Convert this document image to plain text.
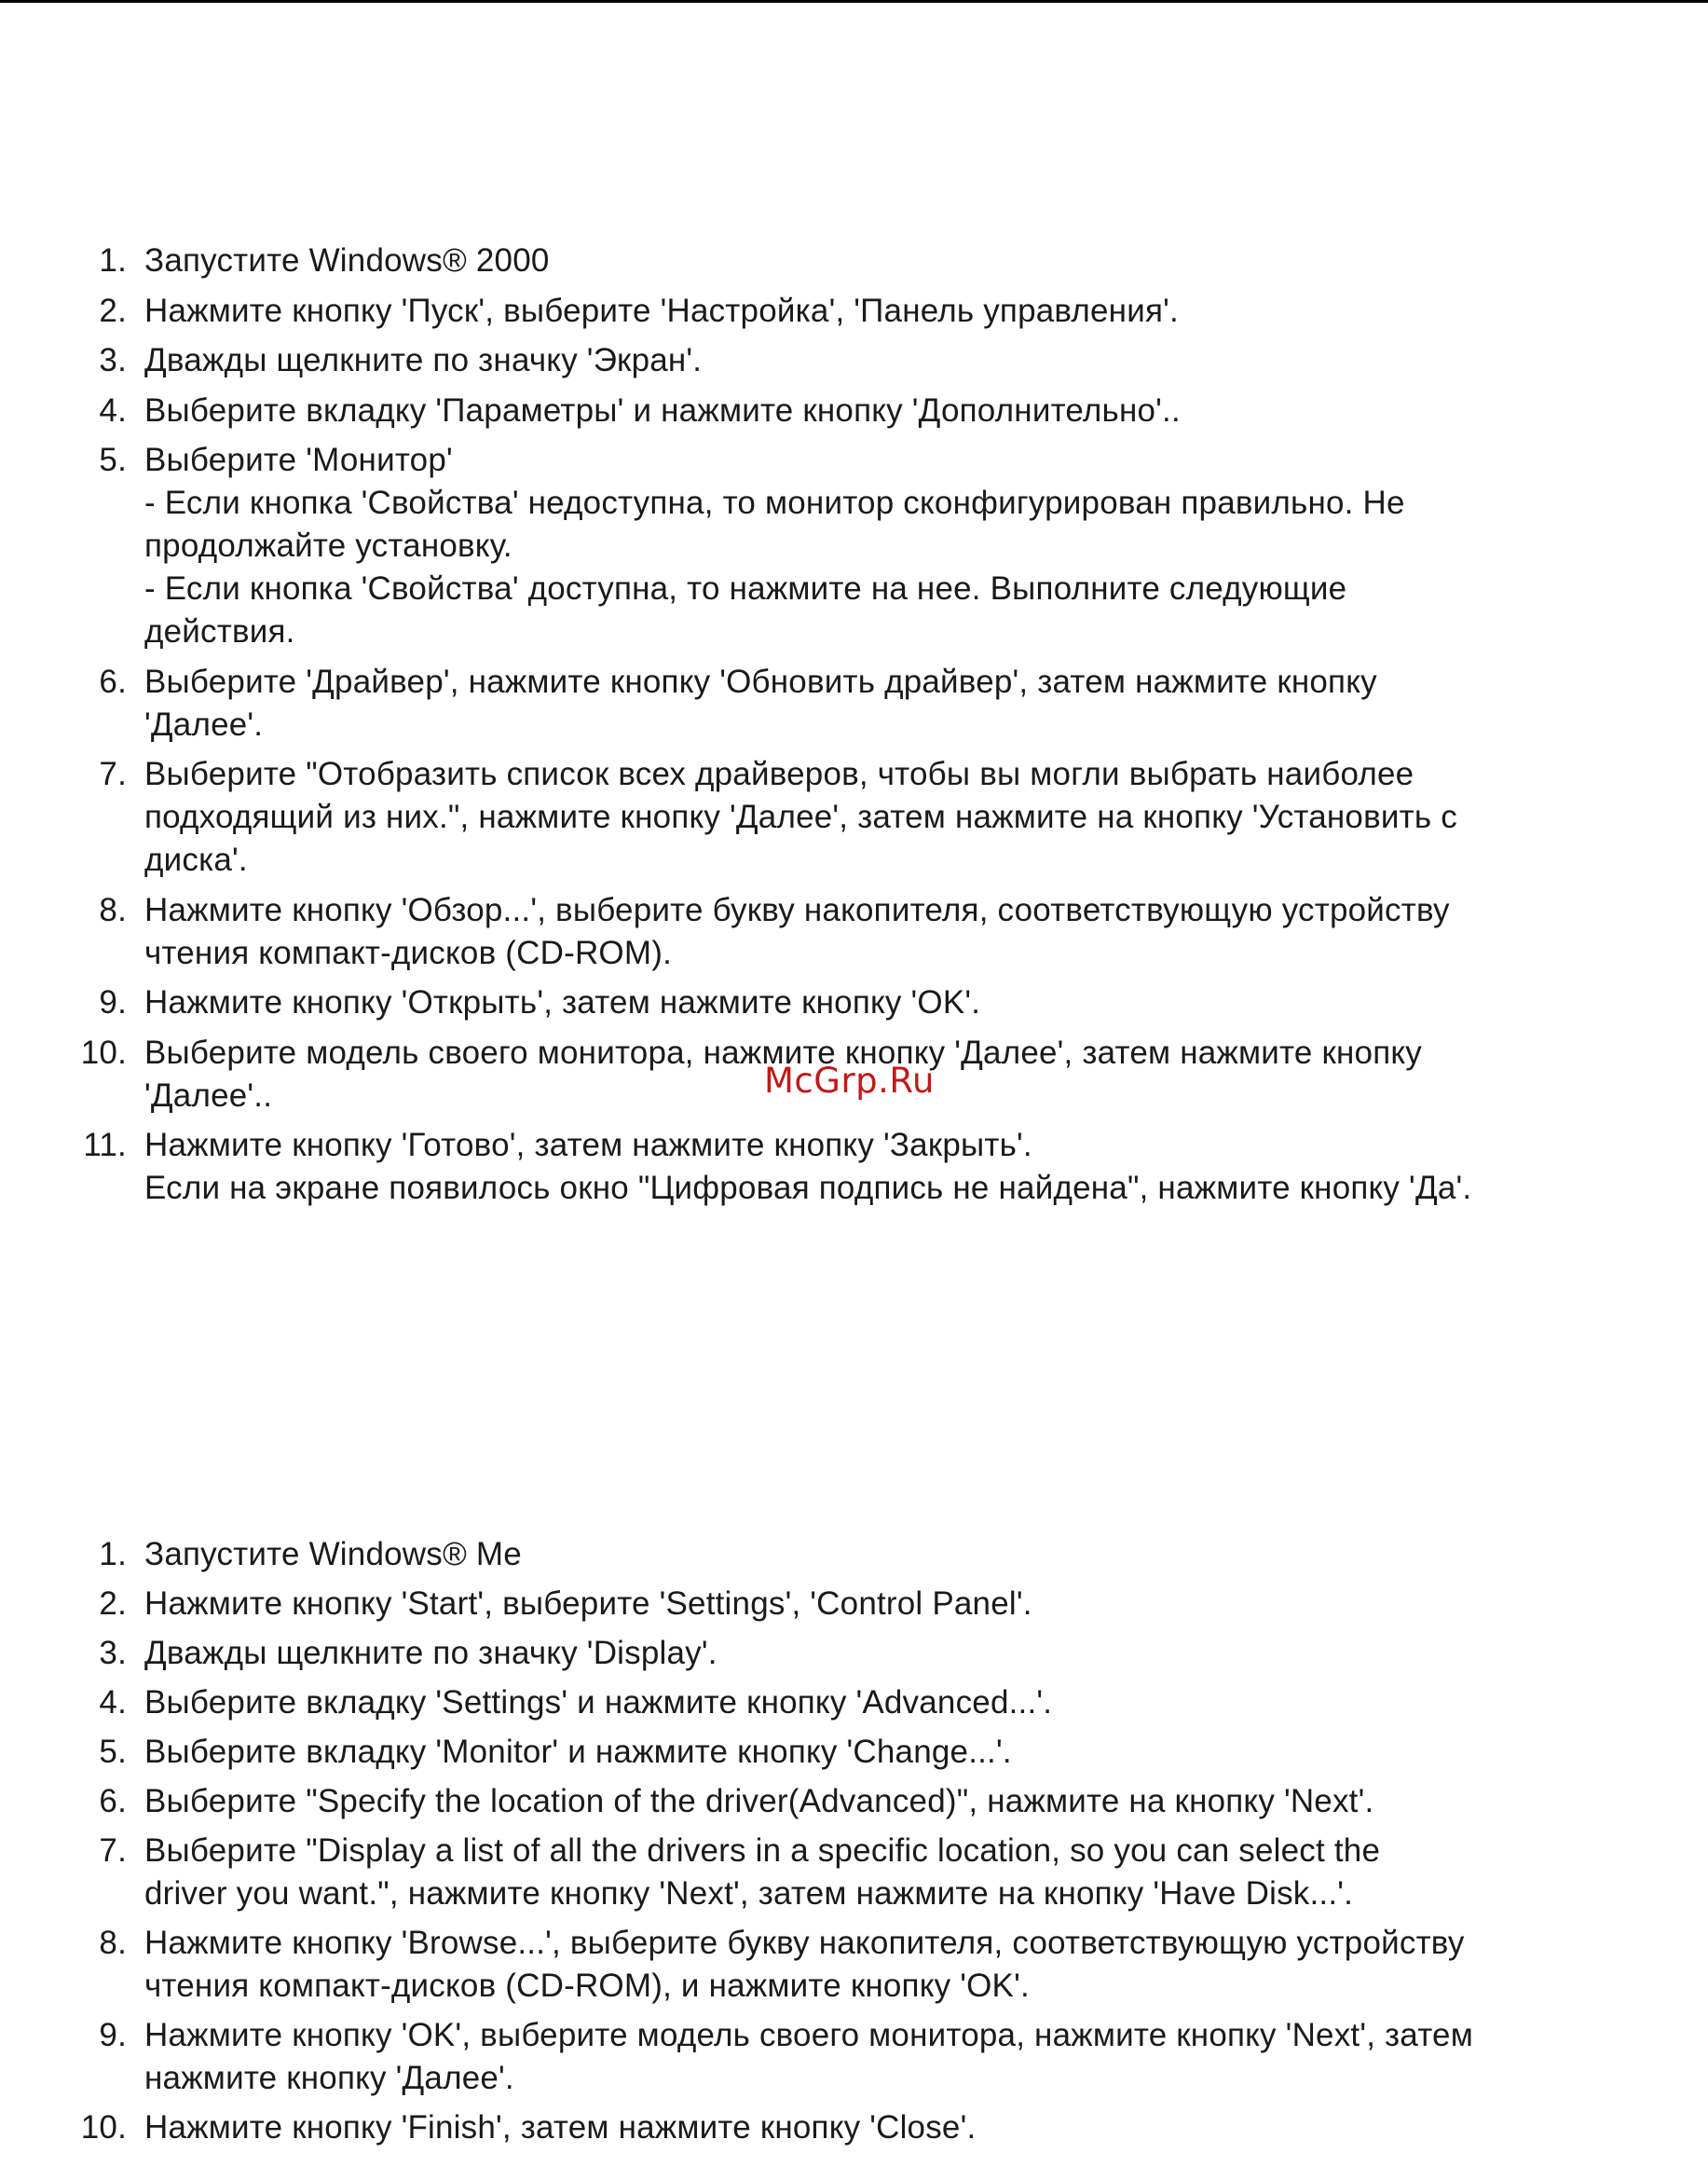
1. Запустите Windows® 2000
2. Нажмите кнопку 'Пуск', выберите 'Настройка', 'Панель управления'.
3. Дважды щелкните по значку 'Экран'.
4. Выберите вкладку 'Параметры' и нажмите кнопку 'Дополнительно'..
5. Выберите 'Монитор'
- Если кнопка 'Свойства' недоступна, то монитор сконфигурирован правильно. Не
продолжайте установку.
- Если кнопка 'Свойства' доступна, то нажмите на нее. Выполните следующие
действия.
6. Выберите 'Драйвер', нажмите кнопку 'Обновить драйвер', затем нажмите кнопку
'Далее'.
7. Выберите "Отобразить список всех драйверов, чтобы вы могли выбрать наиболее
подходящий из них.", нажмите кнопку 'Далее', затем нажмите на кнопку 'Установить с
диска'.
8. Нажмите кнопку 'Обзор...', выберите букву накопителя, соответствующую устройству
чтения компакт-дисков (CD-ROM).
9. Нажмите кнопку 'Открыть', затем нажмите кнопку 'OK'.
10. Выберите модель своего монитора, нажмите кнопку 'Далее', затем нажмите кнопку
'Далее'..
11. Нажмите кнопку 'Готово', затем нажмите кнопку 'Закрыть'.
Если на экране появилось окно "Цифровая подпись не найдена", нажмите кнопку 'Да'.
McGrp.Ru
1. Запустите Windows® Me
2. Нажмите кнопку 'Start', выберите 'Settings', 'Control Panel'.
3. Дважды щелкните по значку 'Display'.
4. Выберите вкладку 'Settings' и нажмите кнопку 'Advanced...'.
5. Выберите вкладку 'Monitor' и нажмите кнопку 'Change...'.
6. Выберите "Specify the location of the driver(Advanced)", нажмите на кнопку 'Next'.
7. Выберите "Display a list of all the drivers in a specific location, so you can select the
driver you want.", нажмите кнопку 'Next', затем нажмите на кнопку 'Have Disk...'.
8. Нажмите кнопку 'Browse...', выберите букву накопителя, соответствующую устройству
чтения компакт-дисков (CD-ROM), и нажмите кнопку 'OK'.
9. Нажмите кнопку 'OK', выберите модель своего монитора, нажмите кнопку 'Next', затем
нажмите кнопку 'Далее'.
10. Нажмите кнопку 'Finish', затем нажмите кнопку 'Close'.
